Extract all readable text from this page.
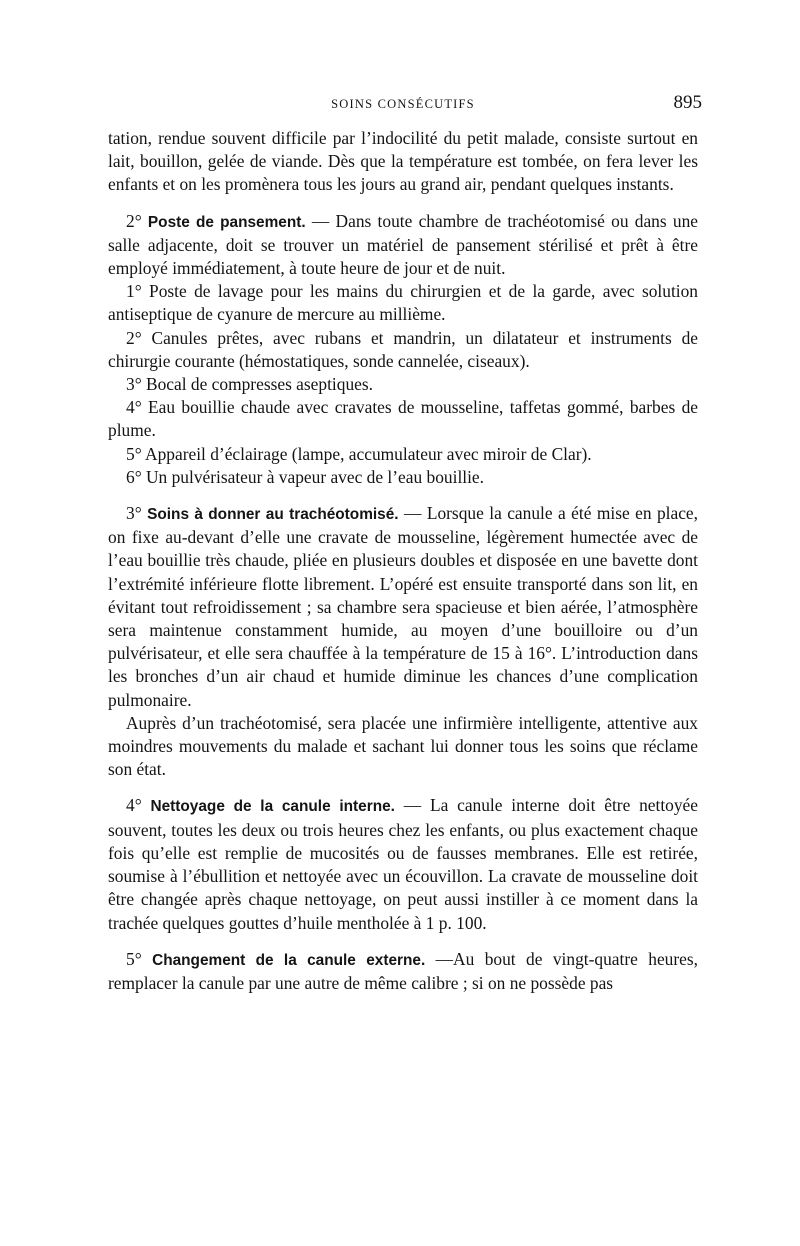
SOINS CONSÉCUTIFS	895

tation, rendue souvent difficile par l’indocilité du petit malade, consiste surtout en lait, bouillon, gelée de viande. Dès que la température est tombée, on fera lever les enfants et on les promènera tous les jours au grand air, pendant quelques instants.

2° Poste de pansement. — Dans toute chambre de trachéotomisé ou dans une salle adjacente, doit se trouver un matériel de pansement stérilisé et prêt à être employé immédiatement, à toute heure de jour et de nuit.

1° Poste de lavage pour les mains du chirurgien et de la garde, avec solution antiseptique de cyanure de mercure au millième.

2° Canules prêtes, avec rubans et mandrin, un dilatateur et instruments de chirurgie courante (hémostatiques, sonde cannelée, ciseaux).

3° Bocal de compresses aseptiques.

4° Eau bouillie chaude avec cravates de mousseline, taffetas gommé, barbes de plume.

5° Appareil d’éclairage (lampe, accumulateur avec miroir de Clar).

6° Un pulvérisateur à vapeur avec de l’eau bouillie.

3° Soins à donner au trachéotomisé. — Lorsque la canule a été mise en place, on fixe au-devant d’elle une cravate de mousseline, légèrement humectée avec de l’eau bouillie très chaude, pliée en plusieurs doubles et disposée en une bavette dont l’extrémité inférieure flotte librement. L’opéré est ensuite transporté dans son lit, en évitant tout refroidissement ; sa chambre sera spacieuse et bien aérée, l’atmosphère sera maintenue constamment humide, au moyen d’une bouilloire ou d’un pulvérisateur, et elle sera chauffée à la température de 15 à 16°. L’introduction dans les bronches d’un air chaud et humide diminue les chances d’une complication pulmonaire.

Auprès d’un trachéotomisé, sera placée une infirmière intelligente, attentive aux moindres mouvements du malade et sachant lui donner tous les soins que réclame son état.

4° Nettoyage de la canule interne. — La canule interne doit être nettoyée souvent, toutes les deux ou trois heures chez les enfants, ou plus exactement chaque fois qu’elle est remplie de mucosités ou de fausses membranes. Elle est retirée, soumise à l’ébullition et nettoyée avec un écouvillon. La cravate de mousseline doit être changée après chaque nettoyage, on peut aussi instiller à ce moment dans la trachée quelques gouttes d’huile mentholée à 1 p. 100.

5° Changement de la canule externe. —Au bout de vingt-quatre heures, remplacer la canule par une autre de même calibre ; si on ne possède pas
